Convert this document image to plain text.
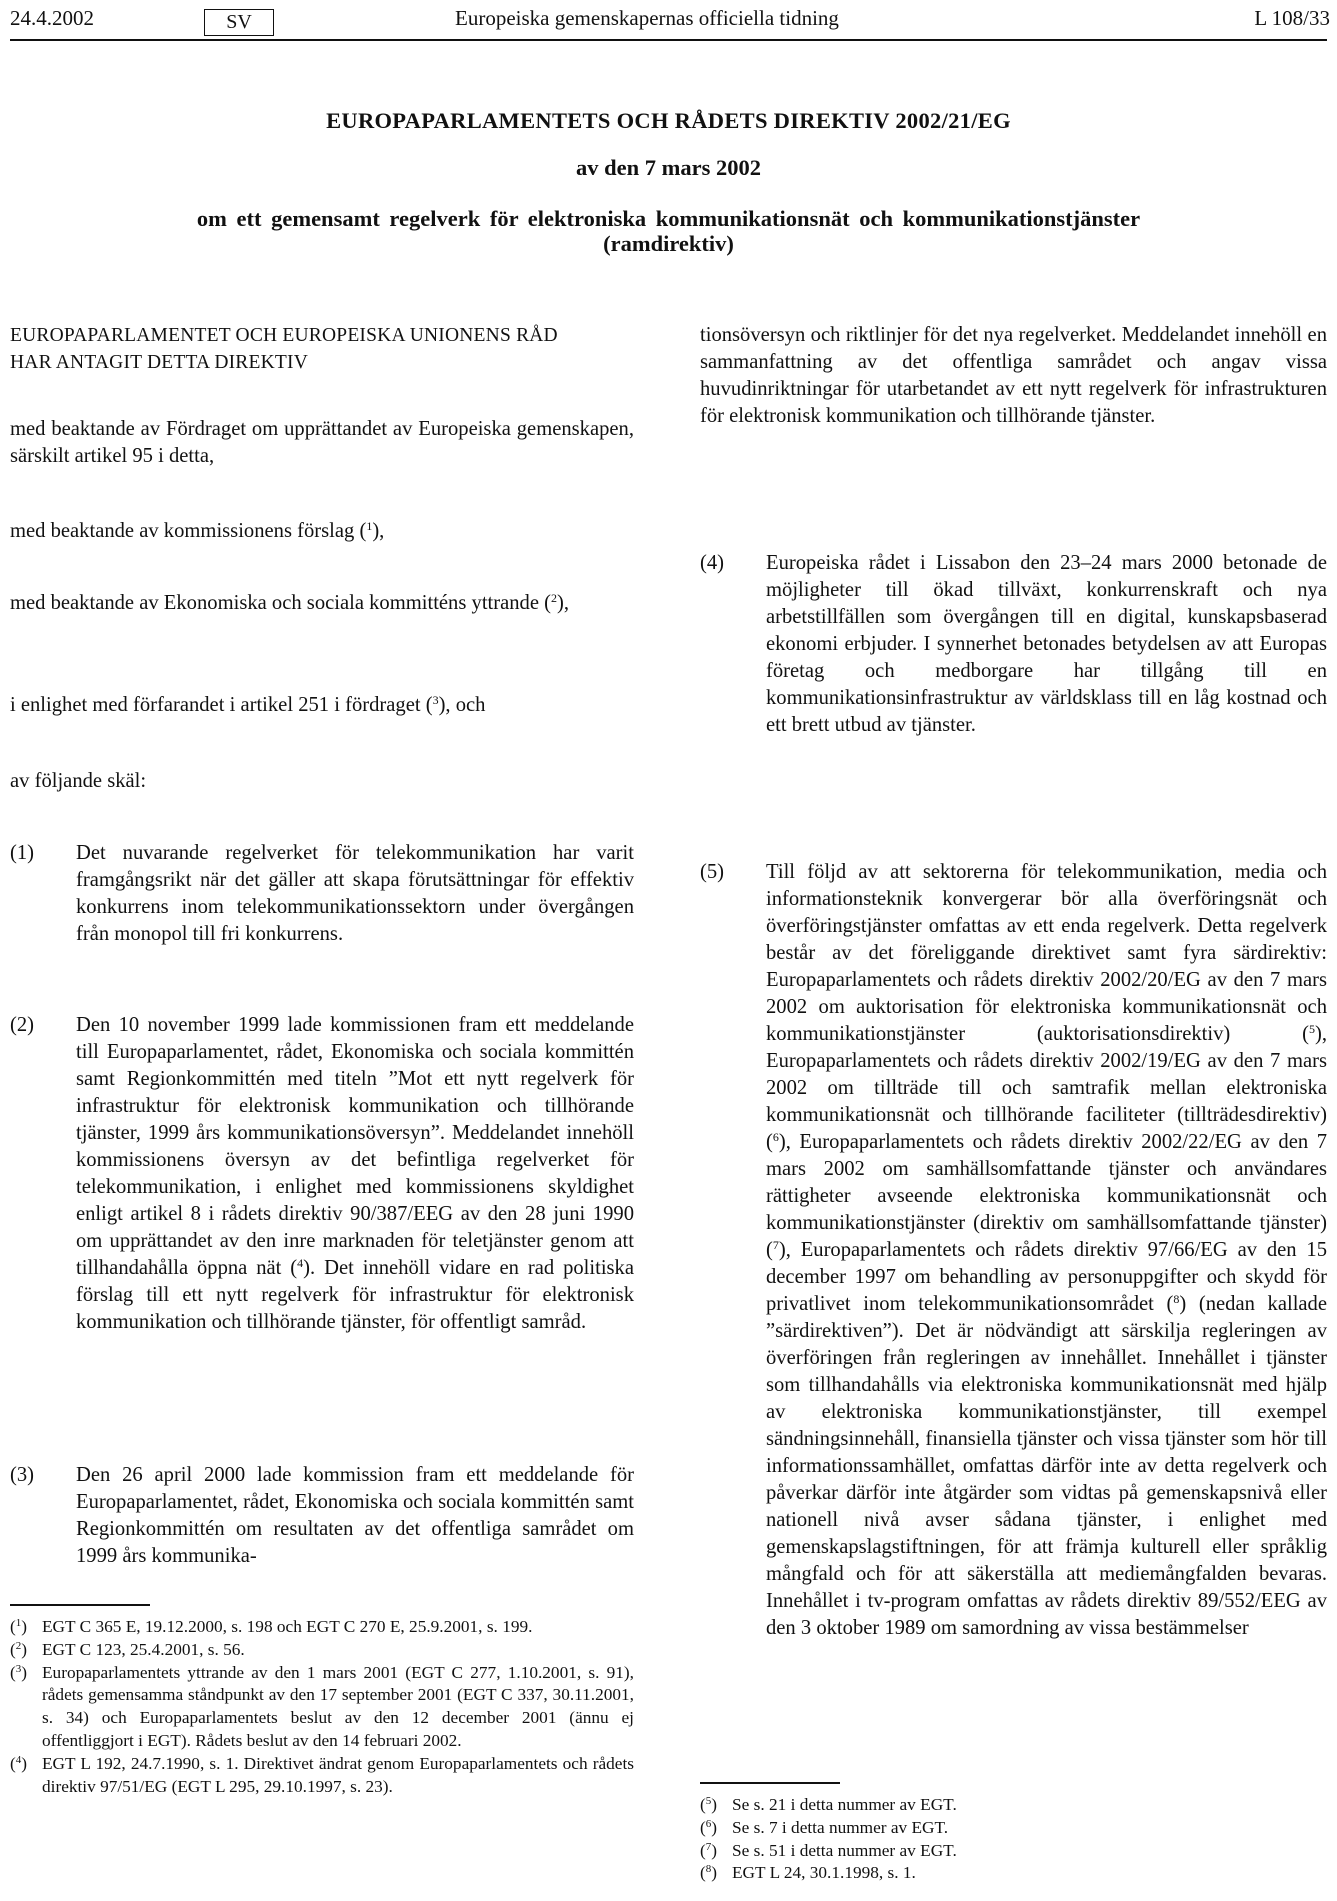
24.4.2002	SV	Europeiska gemenskapernas officiella tidning	L 108/33
EUROPAPARLAMENTETS OCH RÅDETS DIREKTIV 2002/21/EG
av den 7 mars 2002
om ett gemensamt regelverk för elektroniska kommunikationsnät och kommunikationstjänster
(ramdirektiv)
EUROPAPARLAMENTET OCH EUROPEISKA UNIONENS RÅD
HAR ANTAGIT DETTA DIREKTIV

med beaktande av Fördraget om upprättandet av Europeiska gemenskapen, särskilt artikel 95 i detta,

med beaktande av kommissionens förslag ($^1$),

med beaktande av Ekonomiska och sociala kommitténs yttrande ($^2$),

i enlighet med förfarandet i artikel 251 i fördraget ($^3$), och

av följande skäl:

(1)	Det nuvarande regelverket för telekommunikation har varit framgångsrikt när det gäller att skapa förutsättningar för effektiv konkurrens inom telekommunikationssektorn under övergången från monopol till fri konkurrens.

(2)	Den 10 november 1999 lade kommissionen fram ett meddelande till Europaparlamentet, rådet, Ekonomiska och sociala kommittén samt Regionkommittén med titeln ”Mot ett nytt regelverk för infrastruktur för elektronisk kommunikation och tillhörande tjänster, 1999 års kommunikationsöversyn”. Meddelandet innehöll kommissionens översyn av det befintliga regelverket för telekommunikation, i enlighet med kommissionens skyldighet enligt artikel 8 i rådets direktiv 90/387/EEG av den 28 juni 1990 om upprättandet av den inre marknaden för teletjänster genom att tillhandahålla öppna nät ($^4$). Det innehöll vidare en rad politiska förslag till ett nytt regelverk för infrastruktur för elektronisk kommunikation och tillhörande tjänster, för offentligt samråd.

(3)	Den 26 april 2000 lade kommission fram ett meddelande för Europaparlamentet, rådet, Ekonomiska och sociala kommittén samt Regionkommittén om resultaten av det offentliga samrådet om 1999 års kommunika-

($^1$) EGT C 365 E, 19.12.2000, s. 198 och EGT C 270 E, 25.9.2001, s. 199.

($^2$) EGT C 123, 25.4.2001, s. 56.

($^3$) Europaparlamentets yttrande av den 1 mars 2001 (EGT C 277, 1.10.2001, s. 91), rådets gemensamma ståndpunkt av den 17 september 2001 (EGT C 337, 30.11.2001, s. 34) och Europaparlamentets beslut av den 12 december 2001 (ännu ej offentliggjort i EGT). Rådets beslut av den 14 februari 2002.

($^4$) EGT L 192, 24.7.1990, s. 1. Direktivet ändrat genom Europaparlamentets och rådets direktiv 97/51/EG (EGT L 295, 29.10.1997, s. 23).

tionsöversyn och riktlinjer för det nya regelverket. Meddelandet innehöll en sammanfattning av det offentliga samrådet och angav vissa huvudinriktningar för utarbetandet av ett nytt regelverk för infrastrukturen för elektronisk kommunikation och tillhörande tjänster.

(4)	Europeiska rådet i Lissabon den 23–24 mars 2000 betonade de möjligheter till ökad tillväxt, konkurrenskraft och nya arbetstillfällen som övergången till en digital, kunskapsbaserad ekonomi erbjuder. I synnerhet betonades betydelsen av att Europas företag och medborgare har tillgång till en kommunikationsinfrastruktur av världsklass till en låg kostnad och ett brett utbud av tjänster.

(5)	Till följd av att sektorerna för telekommunikation, media och informationsteknik konvergerar bör alla överföringsnät och överföringstjänster omfattas av ett enda regelverk. Detta regelverk består av det föreliggande direktivet samt fyra särdirektiv: Europaparlamentets och rådets direktiv 2002/20/EG av den 7 mars 2002 om auktorisation för elektroniska kommunikationsnät och kommunikationstjänster (auktorisationsdirektiv) ($^5$), Europaparlamentets och rådets direktiv 2002/19/EG av den 7 mars 2002 om tillträde till och samtrafik mellan elektroniska kommunikationsnät och tillhörande faciliteter (tillträdesdirektiv) ($^6$), Europaparlamentets och rådets direktiv 2002/22/EG av den 7 mars 2002 om samhällsomfattande tjänster och användares rättigheter avseende elektroniska kommunikationsnät och kommunikationstjänster (direktiv om samhällsomfattande tjänster) ($^7$), Europaparlamentets och rådets direktiv 97/66/EG av den 15 december 1997 om behandling av personuppgifter och skydd för privatlivet inom telekommunikationsområdet ($^8$) (nedan kallade ”särdirektiven”). Det är nödvändigt att särskilja regleringen av överföringen från regleringen av innehållet. Innehållet i tjänster som tillhandahålls via elektroniska kommunikationsnät med hjälp av elektroniska kommunikationstjänster, till exempel sändningsinnehåll, finansiella tjänster och vissa tjänster som hör till informationssamhället, omfattas därför inte av detta regelverk och påverkar därför inte åtgärder som vidtas på gemenskapsnivå eller nationell nivå avser sådana tjänster, i enlighet med gemenskapslagstiftningen, för att främja kulturell eller språklig mångfald och för att säkerställa att mediemångfalden bevaras. Innehållet i tv-program omfattas av rådets direktiv 89/552/EEG av den 3 oktober 1989 om samordning av vissa bestämmelser

($^5$) Se s. 21 i detta nummer av EGT.

($^6$) Se s. 7 i detta nummer av EGT.

($^7$) Se s. 51 i detta nummer av EGT.

($^8$) EGT L 24, 30.1.1998, s. 1.
